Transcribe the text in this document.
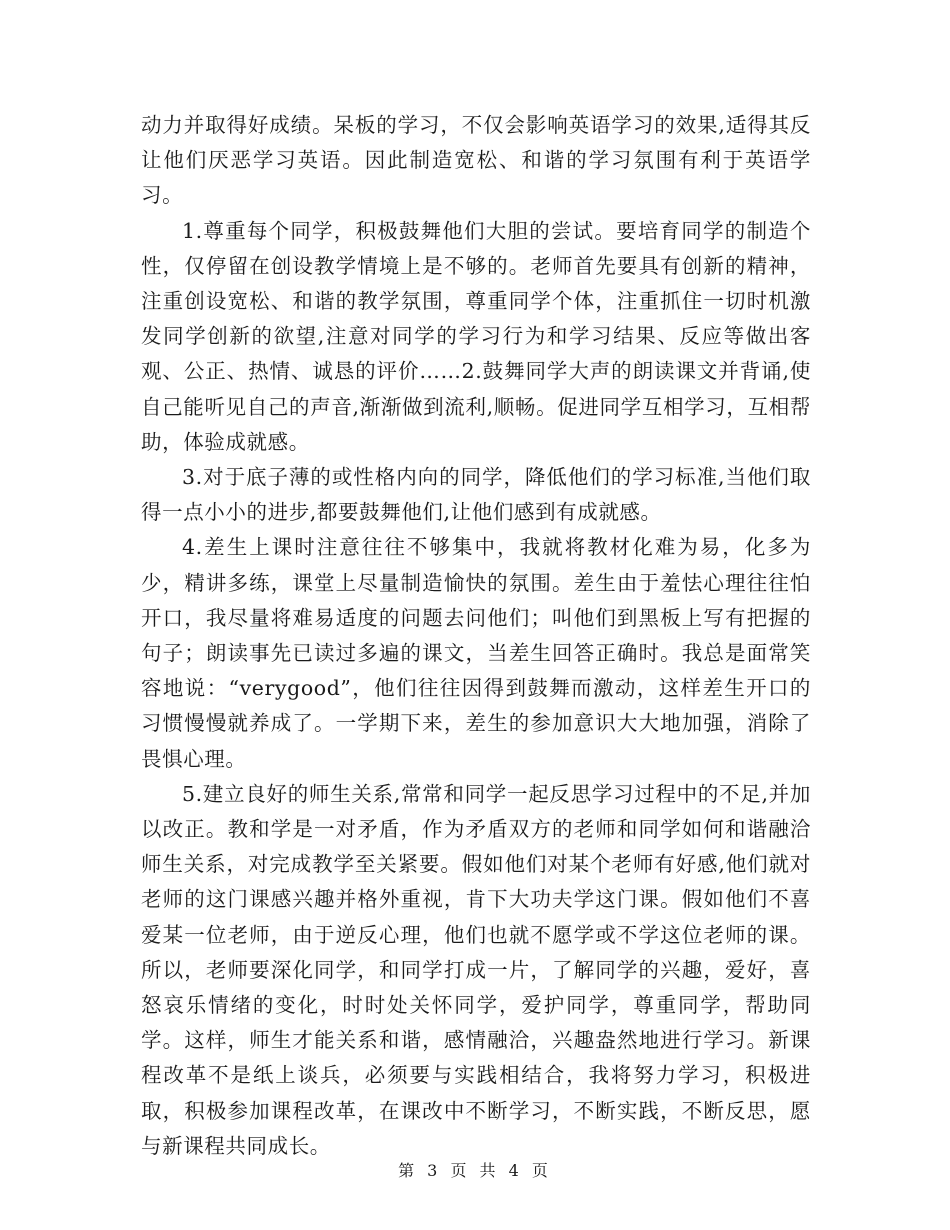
动力并取得好成绩。呆板的学习，不仅会影响英语学习的效果,适得其反让他们厌恶学习英语。因此制造宽松、和谐的学习氛围有利于英语学习。

1.尊重每个同学，积极鼓舞他们大胆的尝试。要培育同学的制造个性，仅停留在创设教学情境上是不够的。老师首先要具有创新的精神，注重创设宽松、和谐的教学氛围，尊重同学个体，注重抓住一切时机激发同学创新的欲望,注意对同学的学习行为和学习结果、反应等做出客观、公正、热情、诚恳的评价……2.鼓舞同学大声的朗读课文并背诵,使自己能听见自己的声音,渐渐做到流利,顺畅。促进同学互相学习，互相帮助，体验成就感。

3.对于底子薄的或性格内向的同学，降低他们的学习标准,当他们取得一点小小的进步,都要鼓舞他们,让他们感到有成就感。

4.差生上课时注意往往不够集中，我就将教材化难为易，化多为少，精讲多练，课堂上尽量制造愉快的氛围。差生由于羞怯心理往往怕开口，我尽量将难易适度的问题去问他们；叫他们到黑板上写有把握的句子；朗读事先已读过多遍的课文，当差生回答正确时。我总是面常笑容地说：“verygood”，他们往往因得到鼓舞而激动，这样差生开口的习惯慢慢就养成了。一学期下来，差生的参加意识大大地加强，消除了畏惧心理。

5.建立良好的师生关系,常常和同学一起反思学习过程中的不足,并加以改正。教和学是一对矛盾，作为矛盾双方的老师和同学如何和谐融洽师生关系，对完成教学至关紧要。假如他们对某个老师有好感,他们就对老师的这门课感兴趣并格外重视，肯下大功夫学这门课。假如他们不喜爱某一位老师，由于逆反心理，他们也就不愿学或不学这位老师的课。所以，老师要深化同学，和同学打成一片，了解同学的兴趣，爱好，喜怒哀乐情绪的变化，时时处关怀同学，爱护同学，尊重同学，帮助同学。这样，师生才能关系和谐，感情融洽，兴趣盎然地进行学习。新课程改革不是纸上谈兵，必须要与实践相结合，我将努力学习，积极进取，积极参加课程改革，在课改中不断学习，不断实践，不断反思，愿与新课程共同成长。

第 3 页 共 4 页
